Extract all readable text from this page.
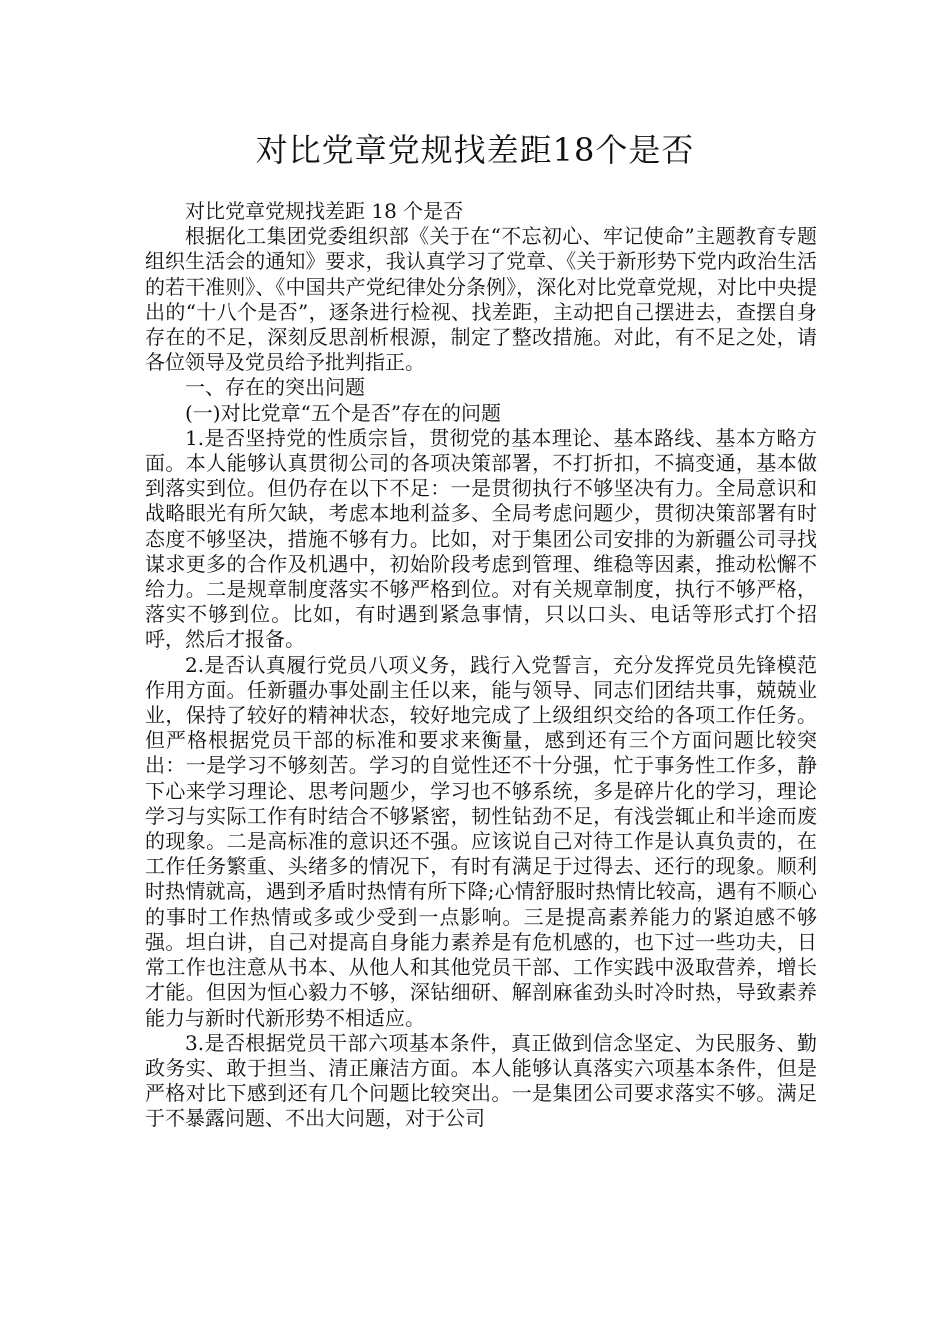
对比党章党规找差距18个是否

对比党章党规找差距 18 个是否

根据化工集团党委组织部《关于在“不忘初心、牢记使命”主题教育专题组织生活会的通知》要求，我认真学习了党章、《关于新形势下党内政治生活的若干准则》、《中国共产党纪律处分条例》，深化对比党章党规，对比中央提出的“十八个是否”，逐条进行检视、找差距，主动把自己摆进去，查摆自身存在的不足，深刻反思剖析根源，制定了整改措施。对此，有不足之处，请各位领导及党员给予批判指正。

一、存在的突出问题

(一)对比党章“五个是否”存在的问题

1.是否坚持党的性质宗旨，贯彻党的基本理论、基本路线、基本方略方面。本人能够认真贯彻公司的各项决策部署，不打折扣，不搞变通，基本做到落实到位。但仍存在以下不足：一是贯彻执行不够坚决有力。全局意识和战略眼光有所欠缺，考虑本地利益多、全局考虑问题少，贯彻决策部署有时态度不够坚决，措施不够有力。比如，对于集团公司安排的为新疆公司寻找谋求更多的合作及机遇中，初始阶段考虑到管理、维稳等因素，推动松懈不给力。二是规章制度落实不够严格到位。对有关规章制度，执行不够严格，落实不够到位。比如，有时遇到紧急事情，只以口头、电话等形式打个招呼，然后才报备。

2.是否认真履行党员八项义务，践行入党誓言，充分发挥党员先锋模范作用方面。任新疆办事处副主任以来，能与领导、同志们团结共事，兢兢业业，保持了较好的精神状态，较好地完成了上级组织交给的各项工作任务。但严格根据党员干部的标准和要求来衡量，感到还有三个方面问题比较突出：一是学习不够刻苦。学习的自觉性还不十分强，忙于事务性工作多，静下心来学习理论、思考问题少，学习也不够系统，多是碎片化的学习，理论学习与实际工作有时结合不够紧密，韧性钻劲不足，有浅尝辄止和半途而废的现象。二是高标准的意识还不强。应该说自己对待工作是认真负责的，在工作任务繁重、头绪多的情况下，有时有满足于过得去、还行的现象。顺利时热情就高，遇到矛盾时热情有所下降;心情舒服时热情比较高，遇有不顺心的事时工作热情或多或少受到一点影响。三是提高素养能力的紧迫感不够强。坦白讲，自己对提高自身能力素养是有危机感的，也下过一些功夫，日常工作也注意从书本、从他人和其他党员干部、工作实践中汲取营养，增长才能。但因为恒心毅力不够，深钻细研、解剖麻雀劲头时冷时热，导致素养能力与新时代新形势不相适应。

3.是否根据党员干部六项基本条件，真正做到信念坚定、为民服务、勤政务实、敢于担当、清正廉洁方面。本人能够认真落实六项基本条件，但是严格对比下感到还有几个问题比较突出。一是集团公司要求落实不够。满足于不暴露问题、不出大问题，对于公司
